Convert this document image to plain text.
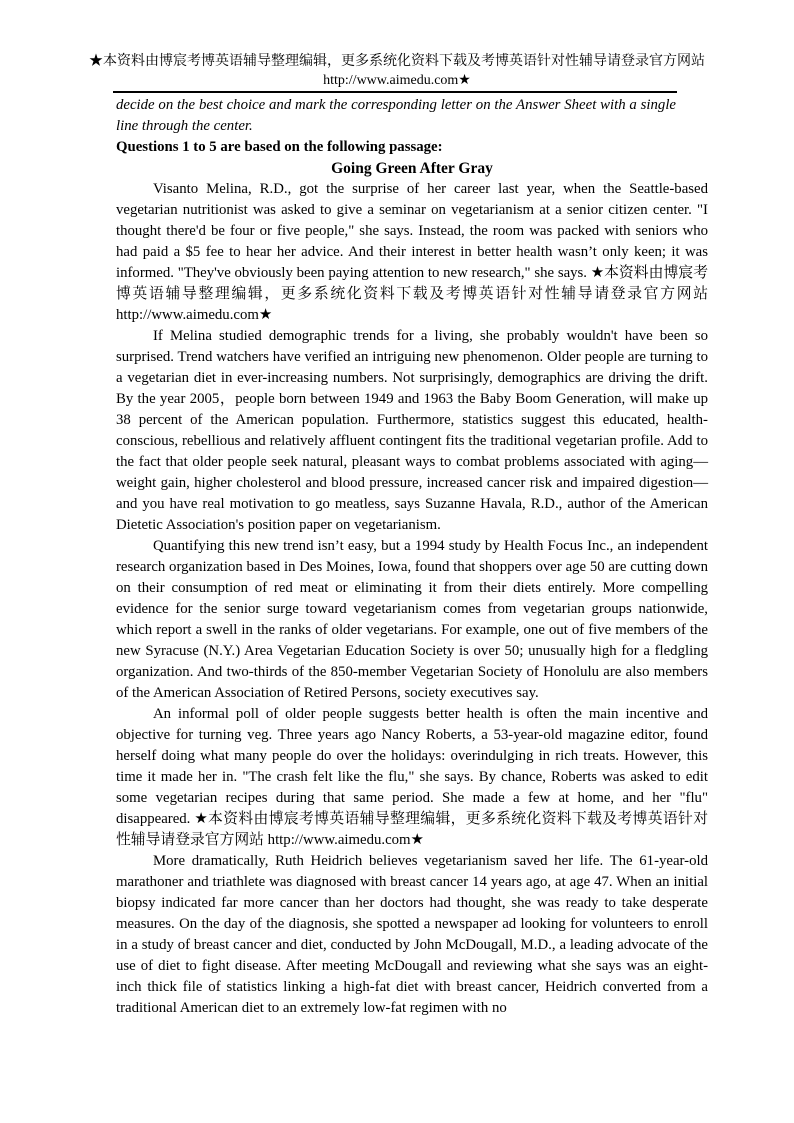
★本资料由博宸考博英语辅导整理编辑，更多系统化资料下载及考博英语针对性辅导请登录官方网站
http://www.aimedu.com★

decide on the best choice and mark the corresponding letter on the Answer Sheet with a single line through the center.

Questions 1 to 5 are based on the following passage:

Going Green After Gray

Visanto Melina, R.D., got the surprise of her career last year, when the Seattle-based vegetarian nutritionist was asked to give a seminar on vegetarianism at a senior citizen center. "I thought there'd be four or five people," she says. Instead, the room was packed with seniors who had paid a $5 fee to hear her advice. And their interest in better health wasn’t only keen; it was informed. "They've obviously been paying attention to new research," she says. ★本资料由博宸考博英语辅导整理编辑，更多系统化资料下载及考博英语针对性辅导请登录官方网站 http://www.aimedu.com★

If Melina studied demographic trends for a living, she probably wouldn't have been so surprised. Trend watchers have verified an intriguing new phenomenon. Older people are turning to a vegetarian diet in ever-increasing numbers. Not surprisingly, demographics are driving the drift. By the year 2005，people born between 1949 and 1963 the Baby Boom Generation, will make up 38 percent of the American population. Furthermore, statistics suggest this educated, health-conscious, rebellious and relatively affluent contingent fits the traditional vegetarian profile. Add to the fact that older people seek natural, pleasant ways to combat problems associated with aging—weight gain, higher cholesterol and blood pressure, increased cancer risk and impaired digestion—and you have real motivation to go meatless, says Suzanne Havala, R.D., author of the American Dietetic Association's position paper on vegetarianism.

Quantifying this new trend isn’t easy, but a 1994 study by Health Focus Inc., an independent research organization based in Des Moines, Iowa, found that shoppers over age 50 are cutting down on their consumption of red meat or eliminating it from their diets entirely. More compelling evidence for the senior surge toward vegetarianism comes from vegetarian groups nationwide, which report a swell in the ranks of older vegetarians. For example, one out of five members of the new Syracuse (N.Y.) Area Vegetarian Education Society is over 50; unusually high for a fledgling organization. And two-thirds of the 850-member Vegetarian Society of Honolulu are also members of the American Association of Retired Persons, society executives say.

An informal poll of older people suggests better health is often the main incentive and objective for turning veg. Three years ago Nancy Roberts, a 53-year-old magazine editor, found herself doing what many people do over the holidays: overindulging in rich treats. However, this time it made her in. "The crash felt like the flu," she says. By chance, Roberts was asked to edit some vegetarian recipes during that same period. She made a few at home, and her "flu" disappeared. ★本资料由博宸考博英语辅导整理编辑，更多系统化资料下载及考博英语针对性辅导请登录官方网站 http://www.aimedu.com★

More dramatically, Ruth Heidrich believes vegetarianism saved her life. The 61-year-old marathoner and triathlete was diagnosed with breast cancer 14 years ago, at age 47. When an initial biopsy indicated far more cancer than her doctors had thought, she was ready to take desperate measures. On the day of the diagnosis, she spotted a newspaper ad looking for volunteers to enroll in a study of breast cancer and diet, conducted by John McDougall, M.D., a leading advocate of the use of diet to fight disease. After meeting McDougall and reviewing what she says was an eight-inch thick file of statistics linking a high-fat diet with breast cancer, Heidrich converted from a traditional American diet to an extremely low-fat regimen with no
